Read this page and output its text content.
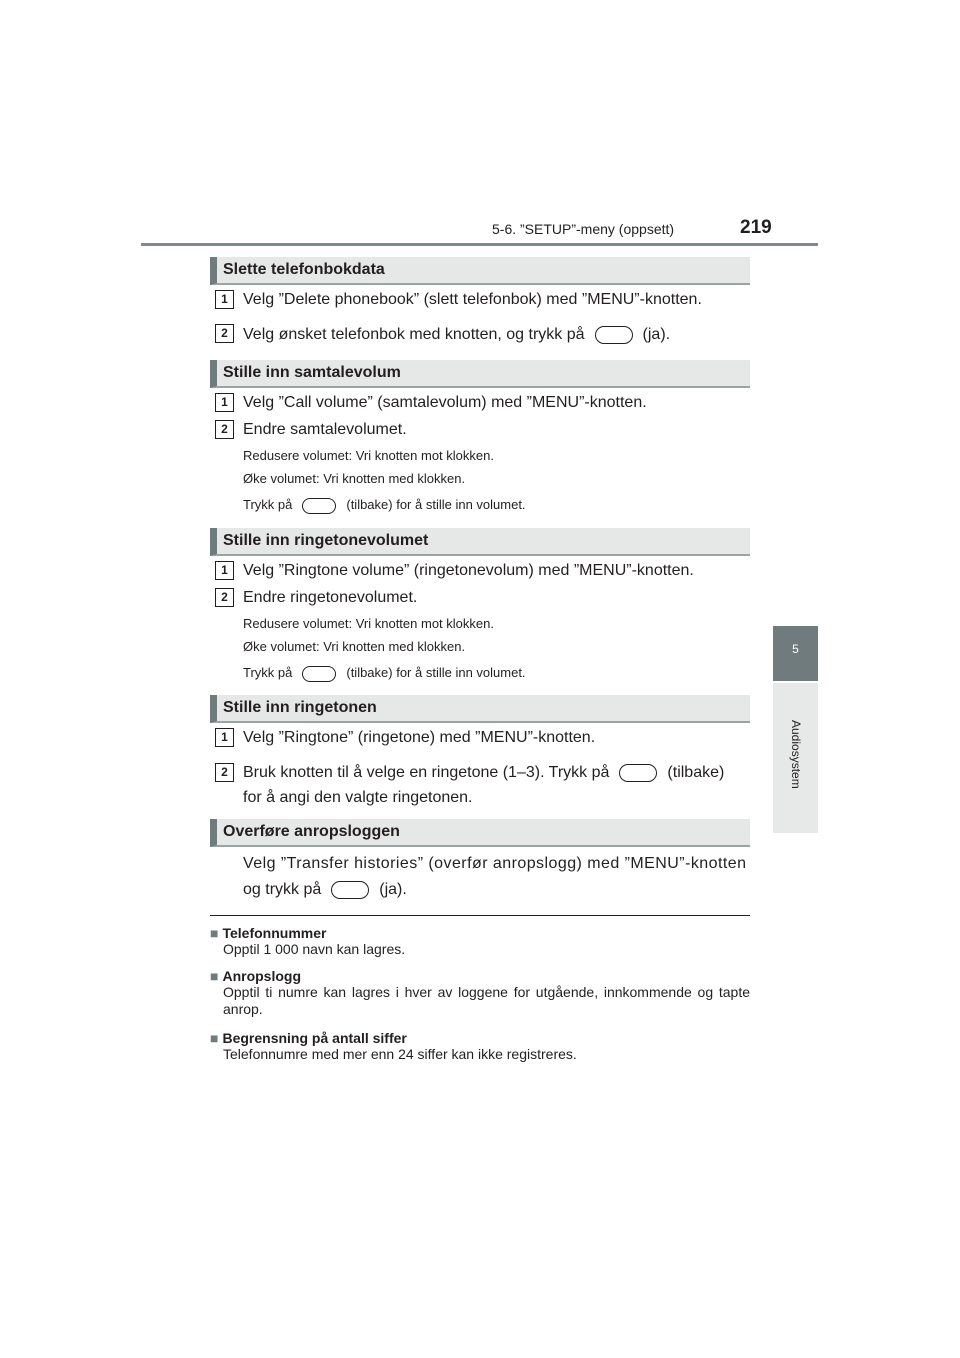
5-6. ”SETUP”-meny (oppsett)	219
5
Audiosystem
Slette telefonbokdata
1 Velg ”Delete phonebook” (slett telefonbok) med ”MENU”-knotten.
2 Velg ønsket telefonbok med knotten, og trykk på	(ja).
Stille inn samtalevolum
1 Velg ”Call volume” (samtalevolum) med ”MENU”-knotten.
2 Endre samtalevolumet.
Redusere volumet: Vri knotten mot klokken.
Øke volumet: Vri knotten med klokken.
Trykk på	(tilbake) for å stille inn volumet.
Stille inn ringetonevolumet
1 Velg ”Ringtone volume” (ringetonevolum) med ”MENU”-knotten.
2 Endre ringetonevolumet.
Redusere volumet: Vri knotten mot klokken.
Øke volumet: Vri knotten med klokken.
Trykk på	(tilbake) for å stille inn volumet.
Stille inn ringetonen
1 Velg ”Ringtone” (ringetone) med ”MENU”-knotten.
2 Bruk knotten til å velge en ringetone (1–3). Trykk på	(tilbake)
for å angi den valgte ringetonen.
Overføre anropsloggen
Velg ”Transfer histories” (overfør anropslogg) med ”MENU”-knotten
og trykk på	(ja).
■ Telefonnummer
Opptil 1 000 navn kan lagres.
■ Anropslogg
Opptil ti numre kan lagres i hver av loggene for utgående, innkommende og tapte anrop.
■ Begrensning på antall siffer
Telefonnumre med mer enn 24 siffer kan ikke registreres.
